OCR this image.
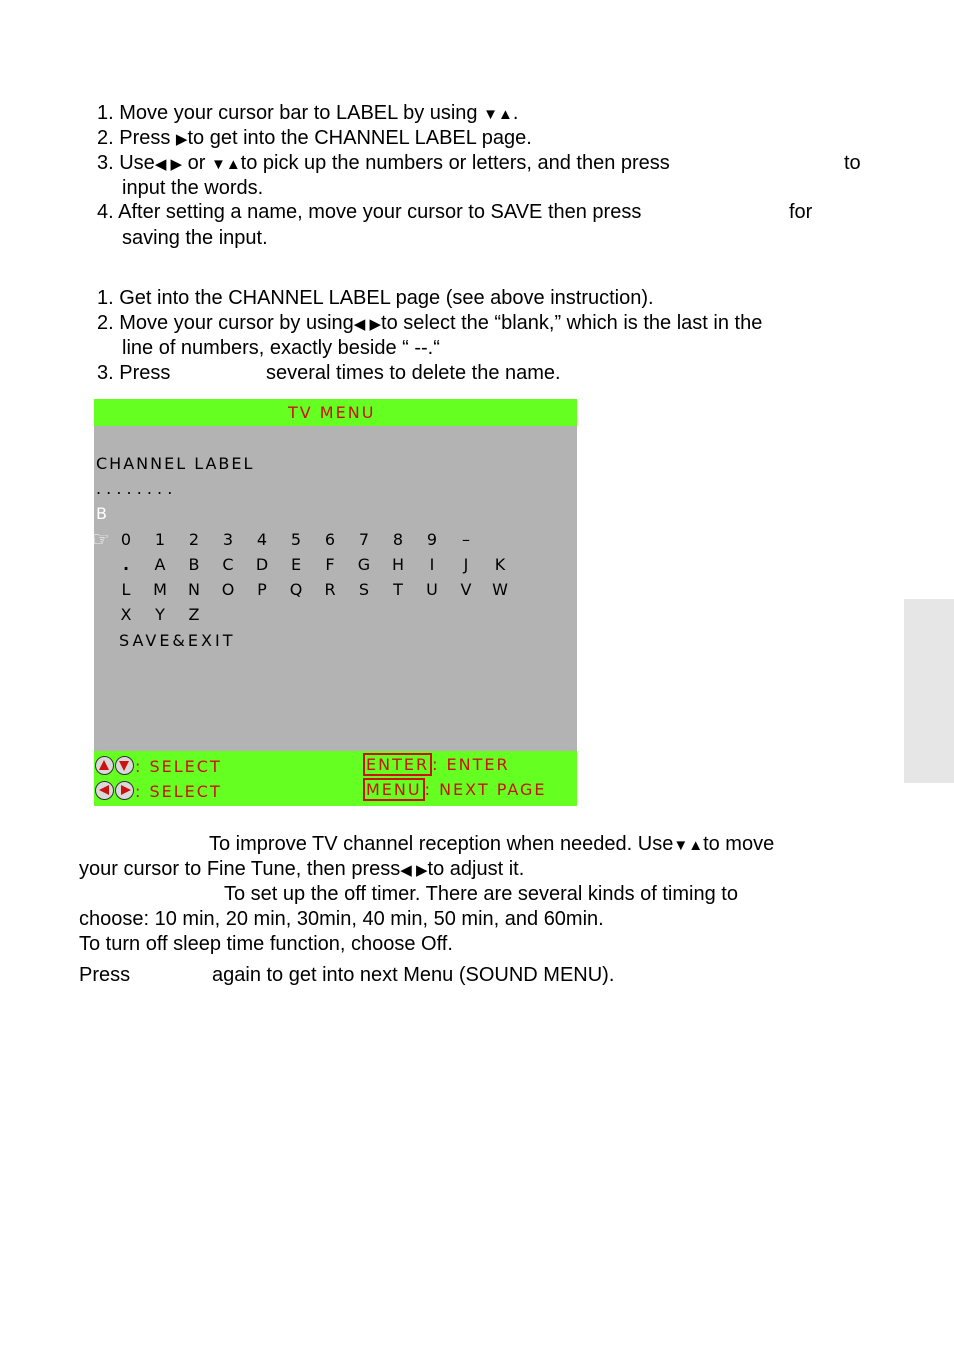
1. Move your cursor bar to LABEL by using ▼▲.
2. Press ▶to get into the CHANNEL LABEL page.
3. Use◀ ▶ or ▼▲to pick up the numbers or letters, and then press	to
input the words.
4. After setting a name, move your cursor to SAVE then press	for
saving the input.
1. Get into the CHANNEL LABEL page (see above instruction).
2. Move your cursor by using◀ ▶to select the “blank,” which is the last in the
line of numbers, exactly beside “ --.“
3. Press	several times to delete the name.
TV MENU
CHANNEL LABEL
. . . . . . . .
B
☞ 0	1	2	3	4	5	6	7	8	9	–
.	A	B	C	D	E	F	G	H	I	J	K
L	M	N	O	P	Q	R	S	T	U	V	W
X	Y	Z
SAVE&EXIT
: SELECT	ENTER : ENTER
: SELECT	MENU : NEXT PAGE
To improve TV channel reception when needed. Use▼▲to move
your cursor to Fine Tune, then press◀ ▶to adjust it.
To set up the off timer. There are several kinds of timing to
choose: 10 min, 20 min, 30min, 40 min, 50 min, and 60min.
To turn off sleep time function, choose Off.
Press	again to get into next Menu (SOUND MENU).
